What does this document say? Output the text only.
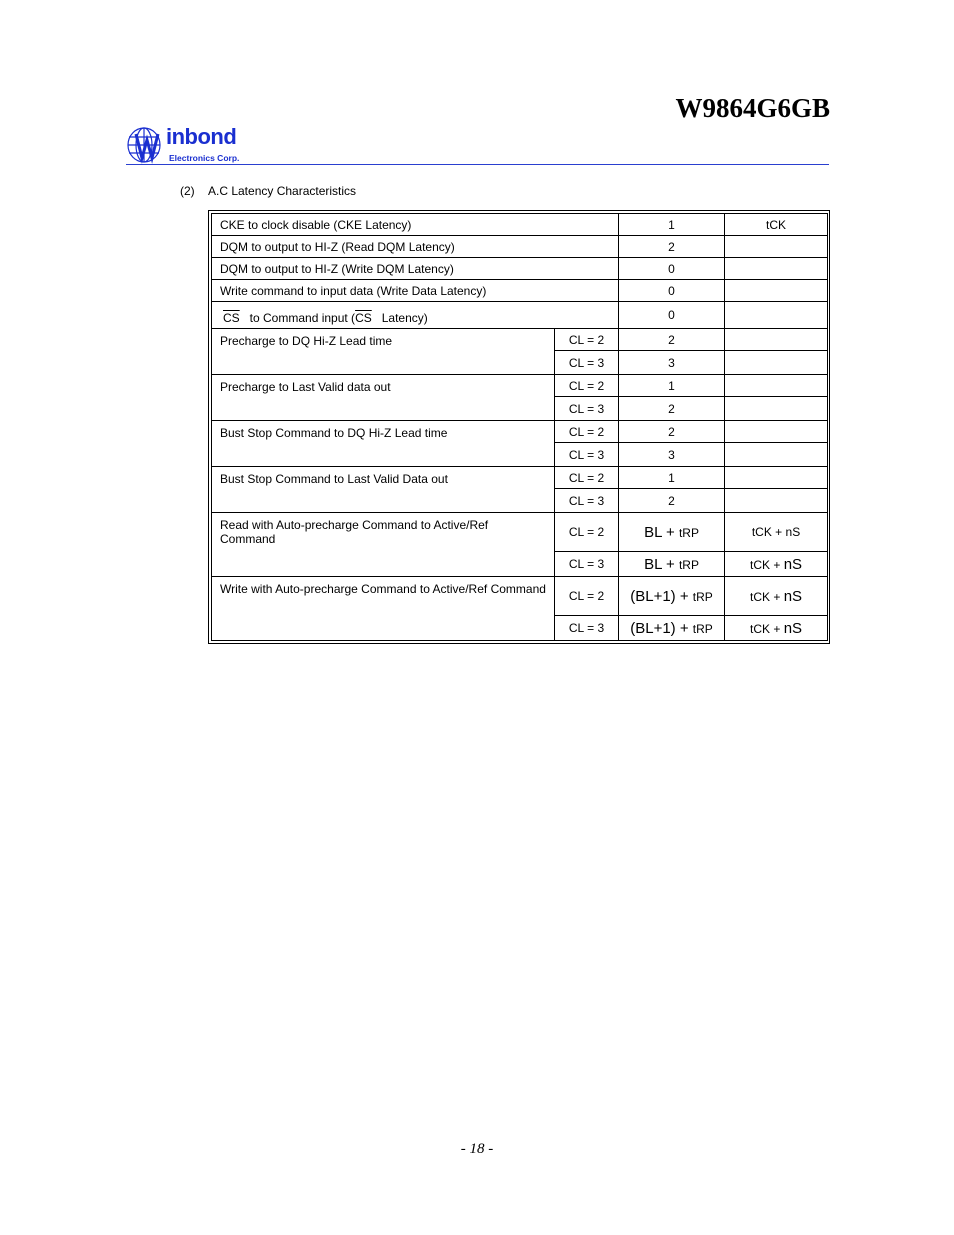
W9864G6GB
inbond
Electronics Corp.
(2) A.C Latency Characteristics
CKE to clock disable (CKE Latency)		1	tCK
DQM to output to HI-Z (Read DQM Latency)		2	
DQM to output to HI-Z (Write DQM Latency)		0	
Write command to input data (Write Data Latency)		0	
$\overline{CS}$ to Command input ($\overline{CS}$ Latency)		0	
Precharge to DQ Hi-Z Lead time	CL = 2	2	
	CL = 3	3	
Precharge to Last Valid data out	CL = 2	1	
	CL = 3	2	
Bust Stop Command to DQ Hi-Z Lead time	CL = 2	2	
	CL = 3	3	
Bust Stop Command to Last Valid Data out	CL = 2	1	
	CL = 3	2	
Read with Auto-precharge Command to Active/Ref Command	CL = 2	BL + tRP	tCK + nS
	CL = 3	BL + tRP	tCK + nS
Write with Auto-precharge Command to Active/Ref Command	CL = 2	(BL+1) + tRP	tCK + nS
	CL = 3	(BL+1) + tRP	tCK + nS
- 18 -
